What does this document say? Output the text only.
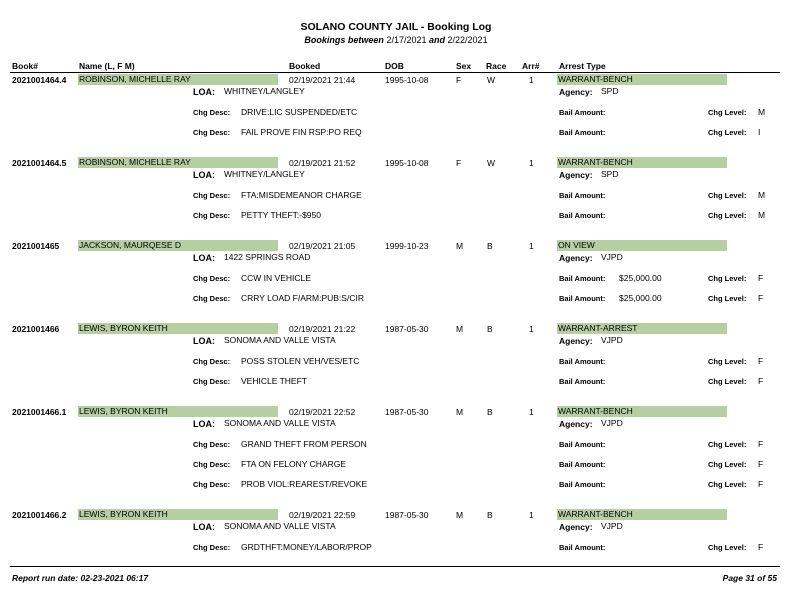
SOLANO COUNTY JAIL - Booking Log
Bookings between 2/17/2021 and 2/22/2021
Book#	Name (L, F M)	Booked	DOB	Sex Race Arr# Arrest Type
2021001464.4 ROBINSON, MICHELLE RAY	02/19/2021 21:44	1995-10-08	F	W	1	WARRANT-BENCH
LOA: WHITNEY/LANGLEY	Agency: SPD
Chg Desc: DRIVE:LIC SUSPENDED/ETC	Bail Amount:	Chg Level: M
Chg Desc: FAIL PROVE FIN RSP:PO REQ	Bail Amount:	Chg Level: I
2021001464.5 ROBINSON, MICHELLE RAY	02/19/2021 21:52	1995-10-08	F	W	1	WARRANT-BENCH
LOA: WHITNEY/LANGLEY	Agency: SPD
Chg Desc: FTA:MISDEMEANOR CHARGE	Bail Amount:	Chg Level: M
Chg Desc: PETTY THEFT:-$950	Bail Amount:	Chg Level: M
2021001465 JACKSON, MAURQESE D	02/19/2021 21:05	1999-10-23	M	B	1	ON VIEW
LOA: 1422 SPRINGS ROAD	Agency: VJPD
Chg Desc: CCW IN VEHICLE	Bail Amount: $25,000.00	Chg Level: F
Chg Desc: CRRY LOAD F/ARM:PUB:S/CIR	Bail Amount: $25,000.00	Chg Level: F
2021001466 LEWIS, BYRON KEITH	02/19/2021 21:22	1987-05-30	M	B	1	WARRANT-ARREST
LOA: SONOMA AND VALLE VISTA	Agency: VJPD
Chg Desc: POSS STOLEN VEH/VES/ETC	Bail Amount:	Chg Level: F
Chg Desc: VEHICLE THEFT	Bail Amount:	Chg Level: F
2021001466.1 LEWIS, BYRON KEITH	02/19/2021 22:52	1987-05-30	M	B	1	WARRANT-BENCH
LOA: SONOMA AND VALLE VISTA	Agency: VJPD
Chg Desc: GRAND THEFT FROM PERSON	Bail Amount:	Chg Level: F
Chg Desc: FTA ON FELONY CHARGE	Bail Amount:	Chg Level: F
Chg Desc: PROB VIOL:REAREST/REVOKE	Bail Amount:	Chg Level: F
2021001466.2 LEWIS, BYRON KEITH	02/19/2021 22:59	1987-05-30	M	B	1	WARRANT-BENCH
LOA: SONOMA AND VALLE VISTA	Agency: VJPD
Chg Desc: GRDTHFT:MONEY/LABOR/PROP	Bail Amount:	Chg Level: F
Report run date: 02-23-2021 06:17	Page 31 of 55
